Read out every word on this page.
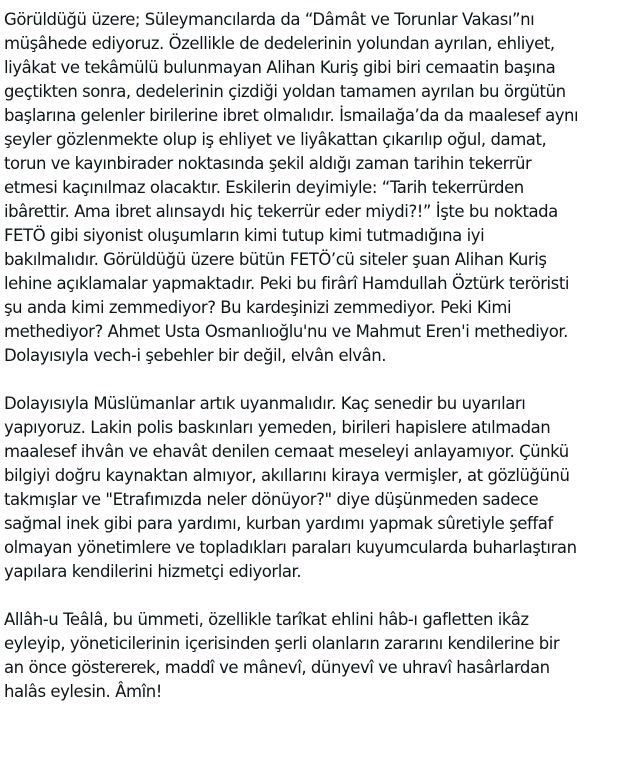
Görüldüğü üzere; Süleymancılarda da “Dâmât ve Torunlar Vakası”nı
müşâhede ediyoruz. Özellikle de dedelerinin yolundan ayrılan, ehliyet,
liyâkat ve tekâmülü bulunmayan Alihan Kuriş gibi biri cemaatin başına
geçtikten sonra, dedelerinin çizdiği yoldan tamamen ayrılan bu örgütün
başlarına gelenler birilerine ibret olmalıdır. İsmailağa’da da maalesef aynı
şeyler gözlenmekte olup iş ehliyet ve liyâkattan çıkarılıp oğul, damat,
torun ve kayınbirader noktasında şekil aldığı zaman tarihin tekerrür
etmesi kaçınılmaz olacaktır. Eskilerin deyimiyle: “Tarih tekerrürden
ibârettir. Ama ibret alınsaydı hiç tekerrür eder miydi?!” İşte bu noktada
FETÖ gibi siyonist oluşumların kimi tutup kimi tutmadığına iyi
bakılmalıdır. Görüldüğü üzere bütün FETÖ’cü siteler şuan Alihan Kuriş
lehine açıklamalar yapmaktadır. Peki bu firârî Hamdullah Öztürk teröristi
şu anda kimi zemmediyor? Bu kardeşinizi zemmediyor. Peki Kimi
methediyor? Ahmet Usta Osmanlıoğlu'nu ve Mahmut Eren'i methediyor.
Dolayısıyla vech-i şebehler bir değil, elvân elvân.

Dolayısıyla Müslümanlar artık uyanmalıdır. Kaç senedir bu uyarıları
yapıyoruz. Lakin polis baskınları yemeden, birileri hapislere atılmadan
maalesef ihvân ve ehavât denilen cemaat meseleyi anlayamıyor. Çünkü
bilgiyi doğru kaynaktan almıyor, akıllarını kiraya vermişler, at gözlüğünü
takmışlar ve "Etrafımızda neler dönüyor?" diye düşünmeden sadece
sağmal inek gibi para yardımı, kurban yardımı yapmak sûretiyle şeffaf
olmayan yönetimlere ve topladıkları paraları kuyumcularda buharlaştıran
yapılara kendilerini hizmetçi ediyorlar.

Allâh-u Teâlâ, bu ümmeti, özellikle tarîkat ehlini hâb-ı gafletten ikâz
eyleyip, yöneticilerinin içerisinden şerli olanların zararını kendilerine bir
an önce göstererek, maddî ve mânevî, dünyevî ve uhravî hasârlardan
halâs eylesin. Âmîn!
